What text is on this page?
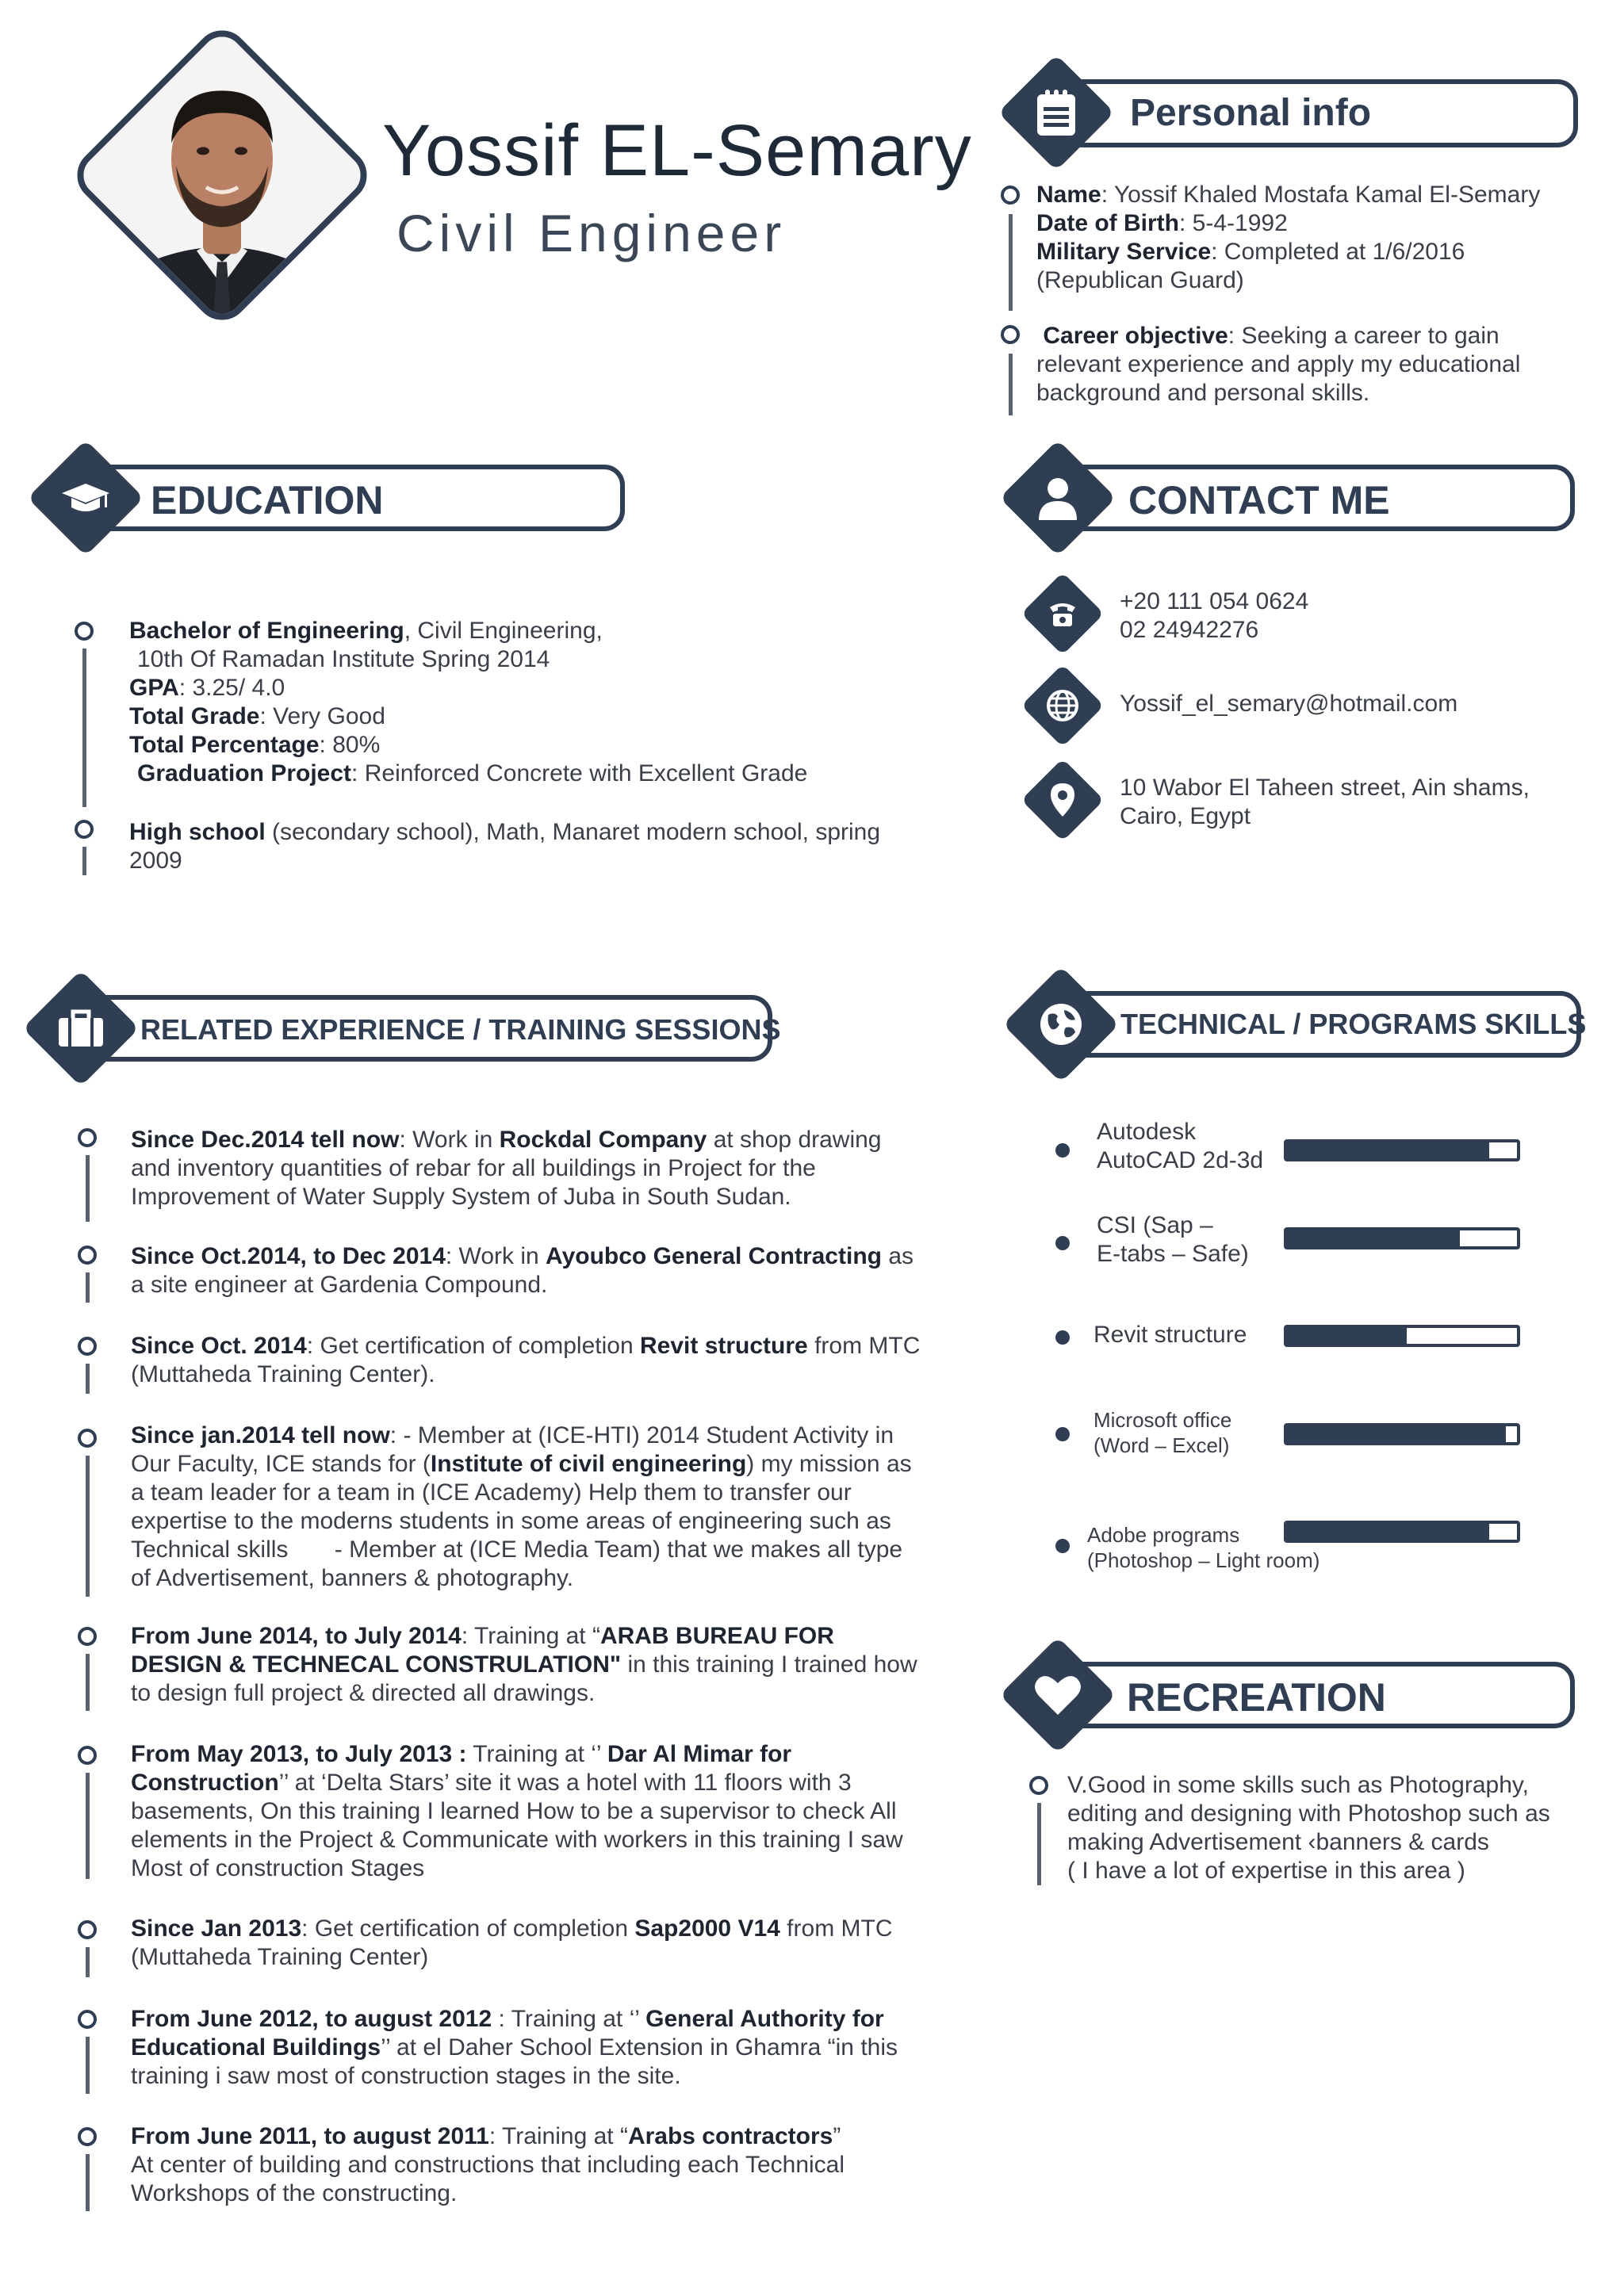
Yossif EL-Semary
Civil Engineer
Personal info
Name: Yossif Khaled Mostafa Kamal El-Semary
Date of Birth: 5-4-1992
Military Service: Completed at 1/6/2016
(Republican Guard)
Career objective: Seeking a career to gain
relevant experience and apply my educational
background and personal skills.
EDUCATION
Bachelor of Engineering, Civil Engineering,
10th Of Ramadan Institute Spring 2014
GPA: 3.25/ 4.0
Total Grade: Very Good
Total Percentage: 80%
Graduation Project: Reinforced Concrete with Excellent Grade
High school (secondary school), Math, Manaret modern school, spring
2009
CONTACT ME
+20 111 054 0624
02 24942276
Yossif_el_semary@hotmail.com
10 Wabor El Taheen street, Ain shams,
Cairo, Egypt
RELATED EXPERIENCE / TRAINING SESSIONS
Since Dec.2014 tell now: Work in Rockdal Company at shop drawing
and inventory quantities of rebar for all buildings in Project for the
Improvement of Water Supply System of Juba in South Sudan.
Since Oct.2014, to Dec 2014: Work in Ayoubco General Contracting as
a site engineer at Gardenia Compound.
Since Oct. 2014: Get certification of completion Revit structure from MTC
(Muttaheda Training Center).
Since jan.2014 tell now: - Member at (ICE-HTI) 2014 Student Activity in
Our Faculty, ICE stands for (Institute of civil engineering) my mission as
a team leader for a team in (ICE Academy) Help them to transfer our
expertise to the moderns students in some areas of engineering such as
Technical skills       - Member at (ICE Media Team) that we makes all type
of Advertisement, banners & photography.
From June 2014, to July 2014: Training at “ARAB BUREAU FOR
DESIGN & TECHNECAL CONSTRULATION" in this training I trained how
to design full project & directed all drawings.
From May 2013, to July 2013 : Training at ‘’ Dar Al Mimar for
Construction’’ at ‘Delta Stars’ site it was a hotel with 11 floors with 3
basements, On this training I learned How to be a supervisor to check All
elements in the Project & Communicate with workers in this training I saw
Most of construction Stages
Since Jan 2013: Get certification of completion Sap2000 V14 from MTC
(Muttaheda Training Center)
From June 2012, to august 2012 : Training at ‘’ General Authority for
Educational Buildings’’ at el Daher School Extension in Ghamra “in this
training i saw most of construction stages in the site.
From June 2011, to august 2011: Training at “Arabs contractors”
At center of building and constructions that including each Technical
Workshops of the constructing.
TECHNICAL / PROGRAMS SKILLS
Autodesk
AutoCAD 2d-3d
CSI (Sap –
E-tabs – Safe)
Revit structure
Microsoft office
(Word – Excel)
Adobe programs
(Photoshop – Light room)
RECREATION
V.Good in some skills such as Photography,
editing and designing with Photoshop such as
making Advertisement ‹banners & cards
( I have a lot of expertise in this area )
